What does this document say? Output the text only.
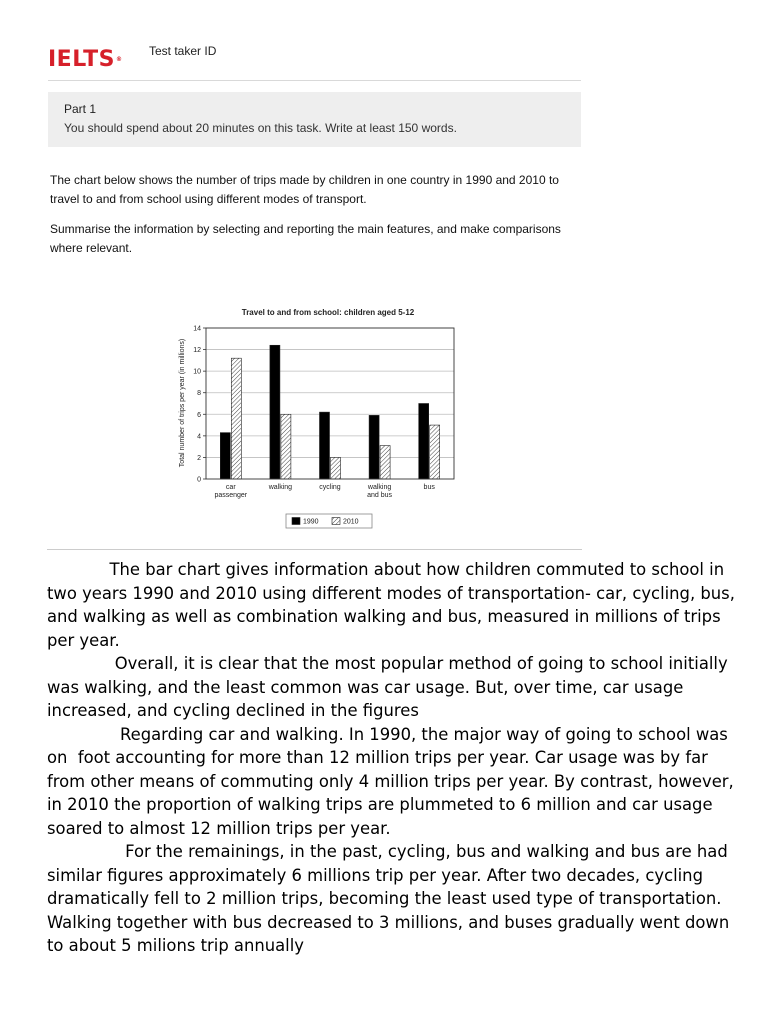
IELTS®
Test taker ID
Part 1
You should spend about 20 minutes on this task. Write at least 150 words.

The chart below shows the number of trips made by children in one country in 1990 and 2010 to travel to and from school using different modes of transport.

Summarise the information by selecting and reporting the main features, and make comparisons where relevant.

Travel to and from school: children aged 5-12
Total number of trips per year (in millions)
0
2
4
6
8
10
12
14
car
passenger
walking	cycling	walking
and bus
bus
1990	2010

The bar chart gives information about how children commuted to school in two years 1990 and 2010 using different modes of transportation- car, cycling, bus, and walking as well as combination walking and bus, measured in millions of trips per year.

Overall, it is clear that the most popular method of going to school initially was walking, and the least common was car usage. But, over time, car usage increased, and cycling declined in the figures

Regarding car and walking. In 1990, the major way of going to school was on  foot accounting for more than 12 million trips per year. Car usage was by far from other means of commuting only 4 million trips per year. By contrast, however, in 2010 the proportion of walking trips are plummeted to 6 million and car usage soared to almost 12 million trips per year.

For the remainings, in the past, cycling, bus and walking and bus are had similar figures approximately 6 millions trip per year. After two decades, cycling dramatically fell to 2 million trips, becoming the least used type of transportation. Walking together with bus decreased to 3 millions, and buses gradually went down to about 5 milions trip annually
